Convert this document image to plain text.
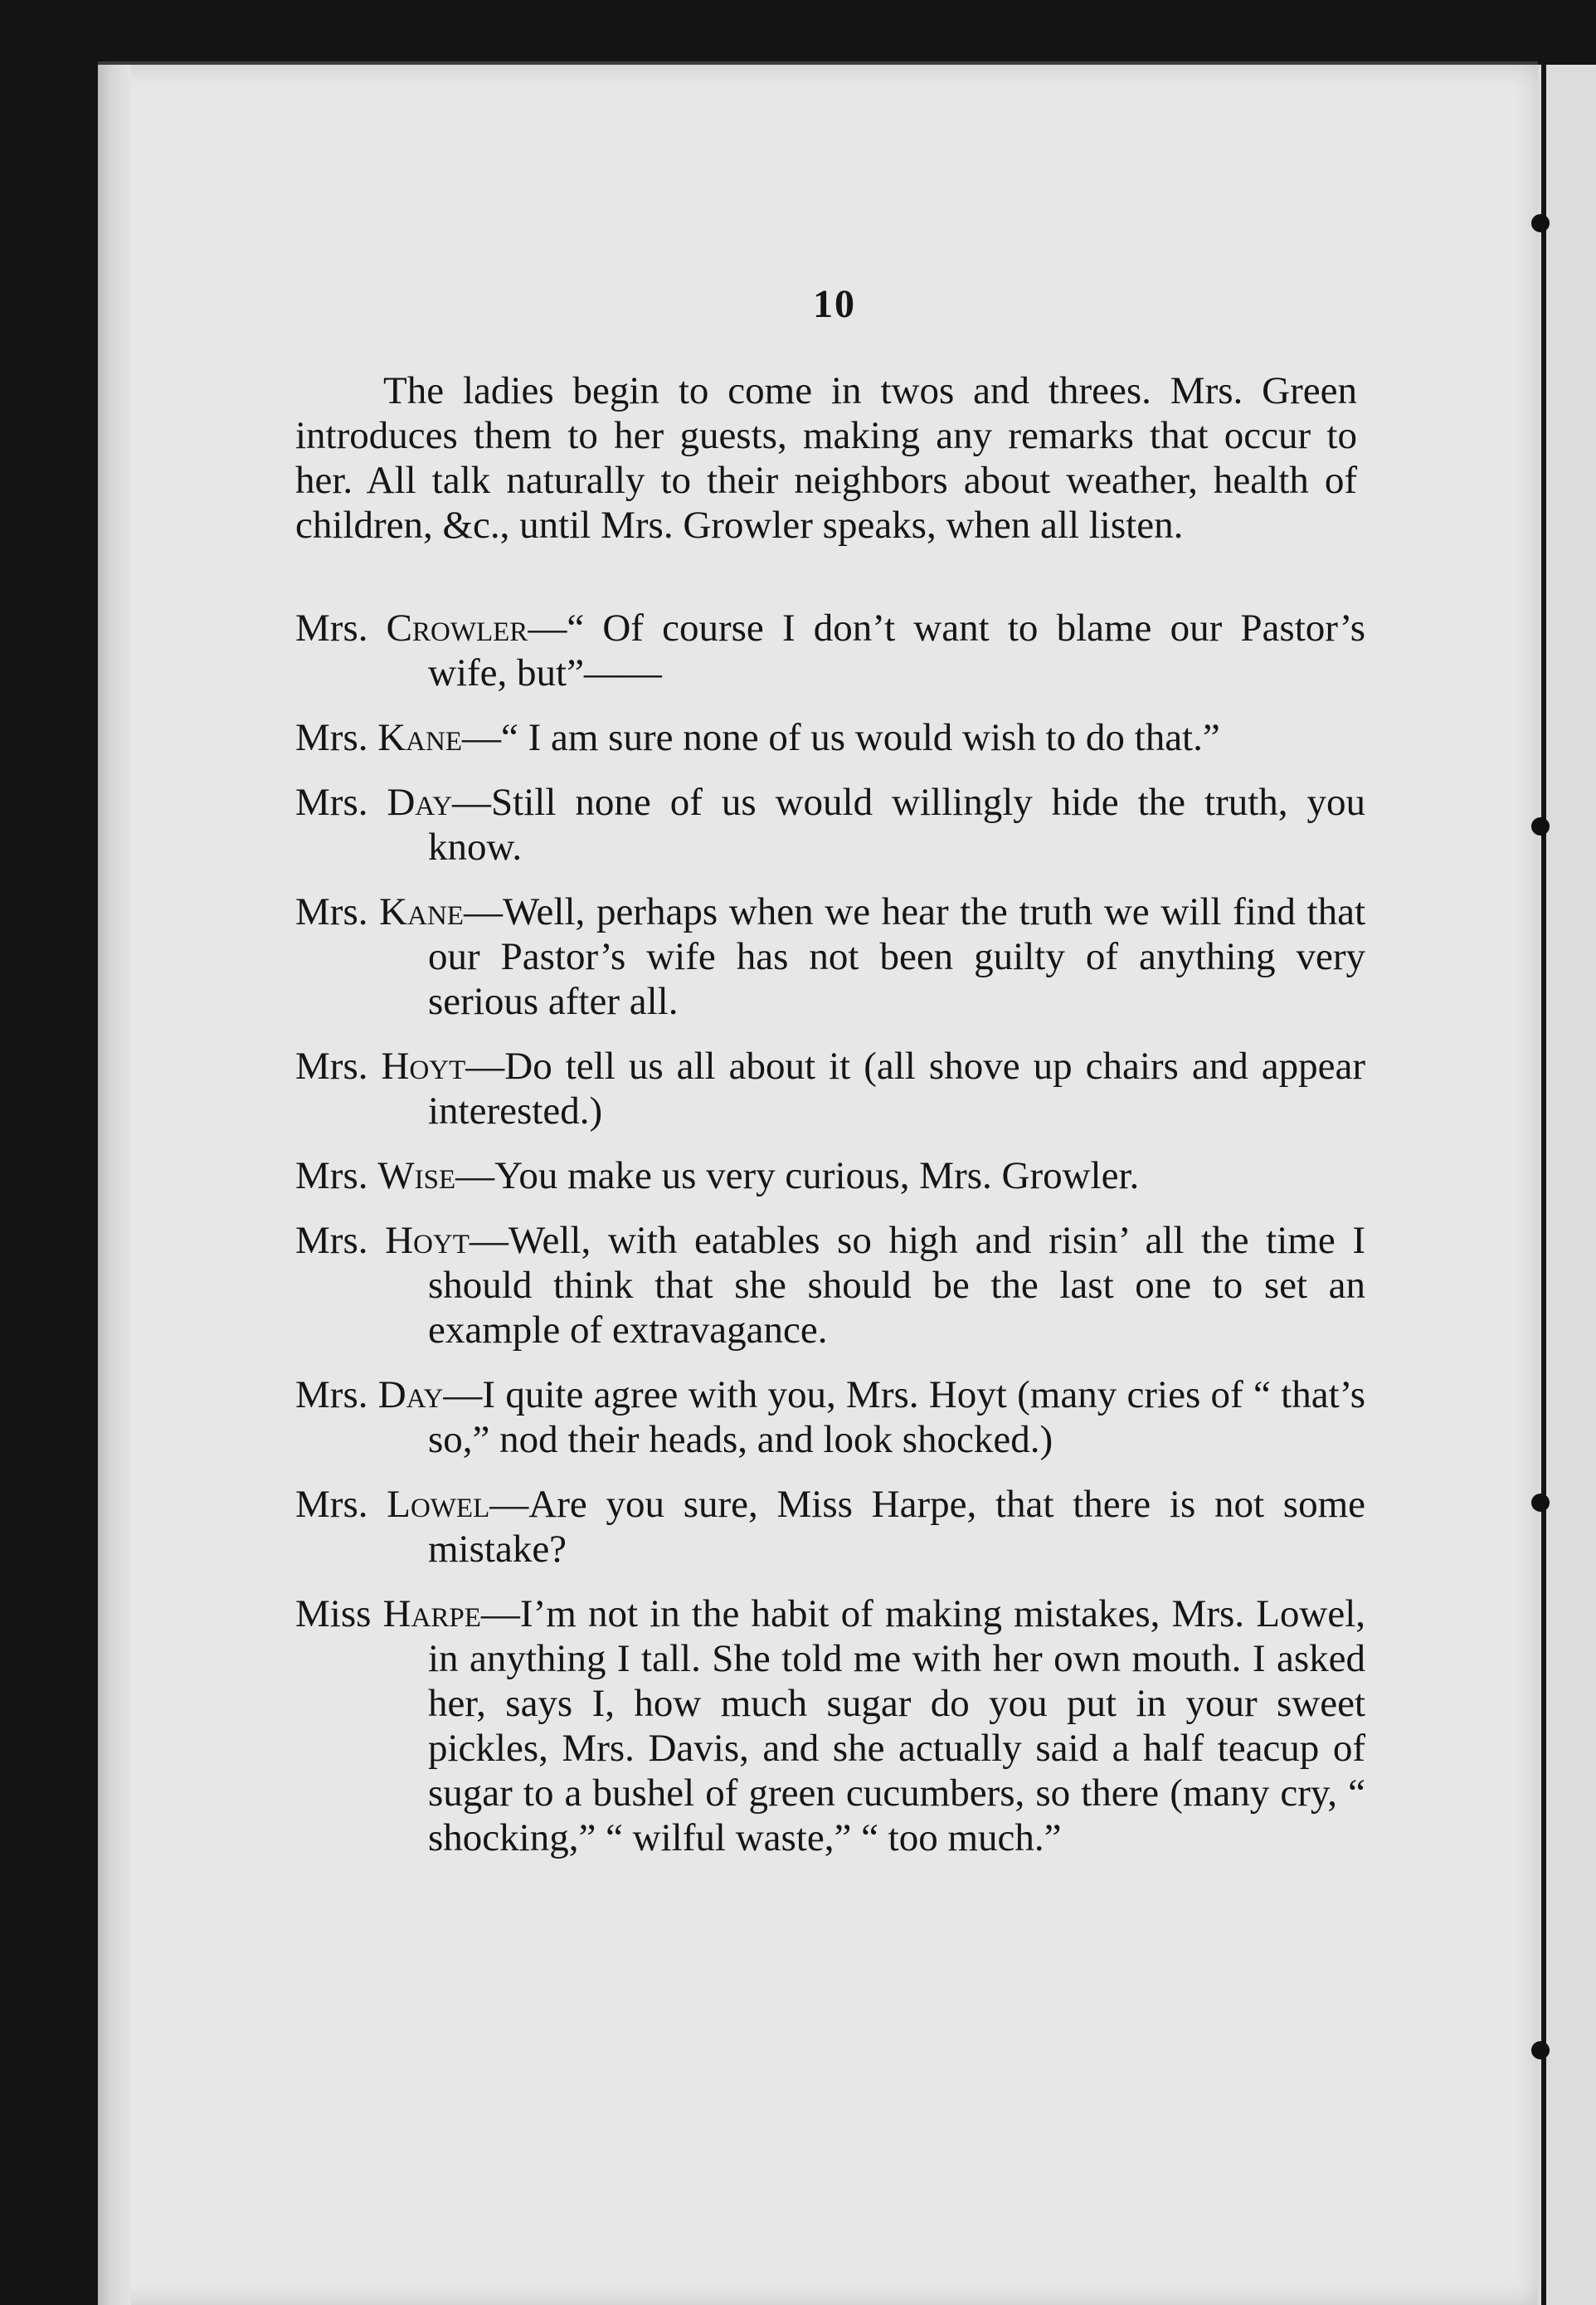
10

The ladies begin to come in twos and threes. Mrs. Green introduces them to her guests, making any remarks that occur to her. All talk naturally to their neighbors about weather, health of children, &c., until Mrs. Growler speaks, when all listen.

Mrs. Crowler—“ Of course I don’t want to blame our Pastor’s wife, but”——

Mrs. Kane—“ I am sure none of us would wish to do that.”

Mrs. Day—Still none of us would willingly hide the truth, you know.

Mrs. Kane—Well, perhaps when we hear the truth we will find that our Pastor’s wife has not been guilty of anything very serious after all.

Mrs. Hoyt—Do tell us all about it (all shove up chairs and appear interested.)

Mrs. Wise—You make us very curious, Mrs. Growler.

Mrs. Hoyt—Well, with eatables so high and risin’ all the time I should think that she should be the last one to set an example of extravagance.

Mrs. Day—I quite agree with you, Mrs. Hoyt (many cries of “ that’s so,” nod their heads, and look shocked.)

Mrs. Lowel—Are you sure, Miss Harpe, that there is not some mistake?

Miss Harpe—I’m not in the habit of making mistakes, Mrs. Lowel, in anything I tall. She told me with her own mouth. I asked her, says I, how much sugar do you put in your sweet pickles, Mrs. Davis, and she actually said a half teacup of sugar to a bushel of green cucumbers, so there (many cry, “ shocking,” “ wilful waste,” “ too much.”
